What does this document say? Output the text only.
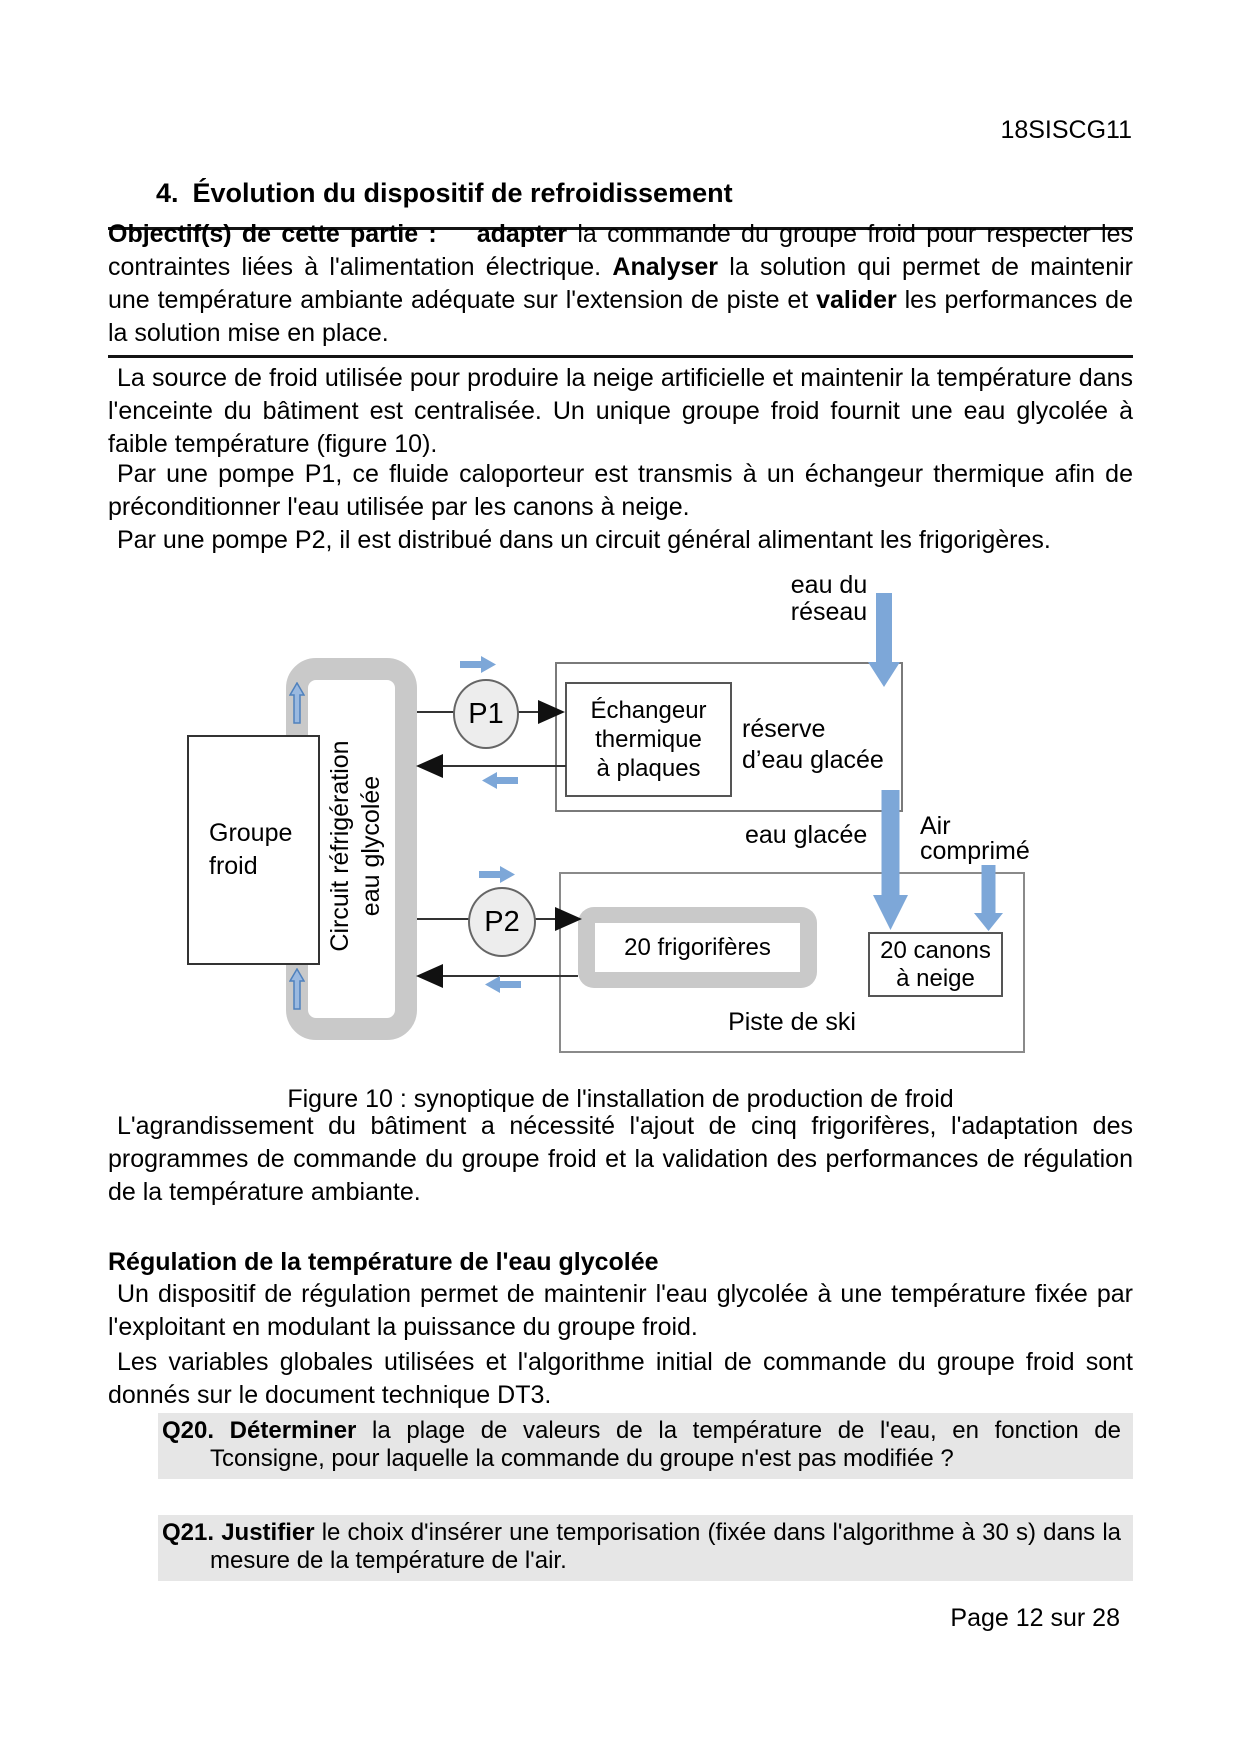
18SISCG11
4. Évolution du dispositif de refroidissement

Objectif(s) de cette partie : adapter la commande du groupe froid pour respecter les contraintes liées à l'alimentation électrique. Analyser la solution qui permet de maintenir une température ambiante adéquate sur l'extension de piste et valider les performances de la solution mise en place.

La source de froid utilisée pour produire la neige artificielle et maintenir la température dans l'enceinte du bâtiment est centralisée. Un unique groupe froid fournit une eau glycolée à faible température (figure 10).

Par une pompe P1, ce fluide caloporteur est transmis à un échangeur thermique afin de préconditionner l'eau utilisée par les canons à neige.

Par une pompe P2, il est distribué dans un circuit général alimentant les frigorigères.

Échangeur thermique à plaques
réserve d’eau glacée
Piste de ski
20 frigorifères	20 canons à neige
Circuit réfrigération eau glycolée
Groupe froid
P1
P2
eau du réseau
eau glacée Air comprimé
Figure 10 : synoptique de l'installation de production de froid

L'agrandissement du bâtiment a nécessité l'ajout de cinq frigorifères, l'adaptation des programmes de commande du groupe froid et la validation des performances de régulation de la température ambiante.

Régulation de la température de l'eau glycolée

Un dispositif de régulation permet de maintenir l'eau glycolée à une température fixée par l'exploitant en modulant la puissance du groupe froid.

Les variables globales utilisées et l'algorithme initial de commande du groupe froid sont donnés sur le document technique DT3.

Q20. Déterminer la plage de valeurs de la température de l'eau, en fonction de Tconsigne, pour laquelle la commande du groupe n'est pas modifiée ?
Q21. Justifier le choix d'insérer une temporisation (fixée dans l'algorithme à 30 s) dans la mesure de la température de l'air.
Page 12 sur 28
